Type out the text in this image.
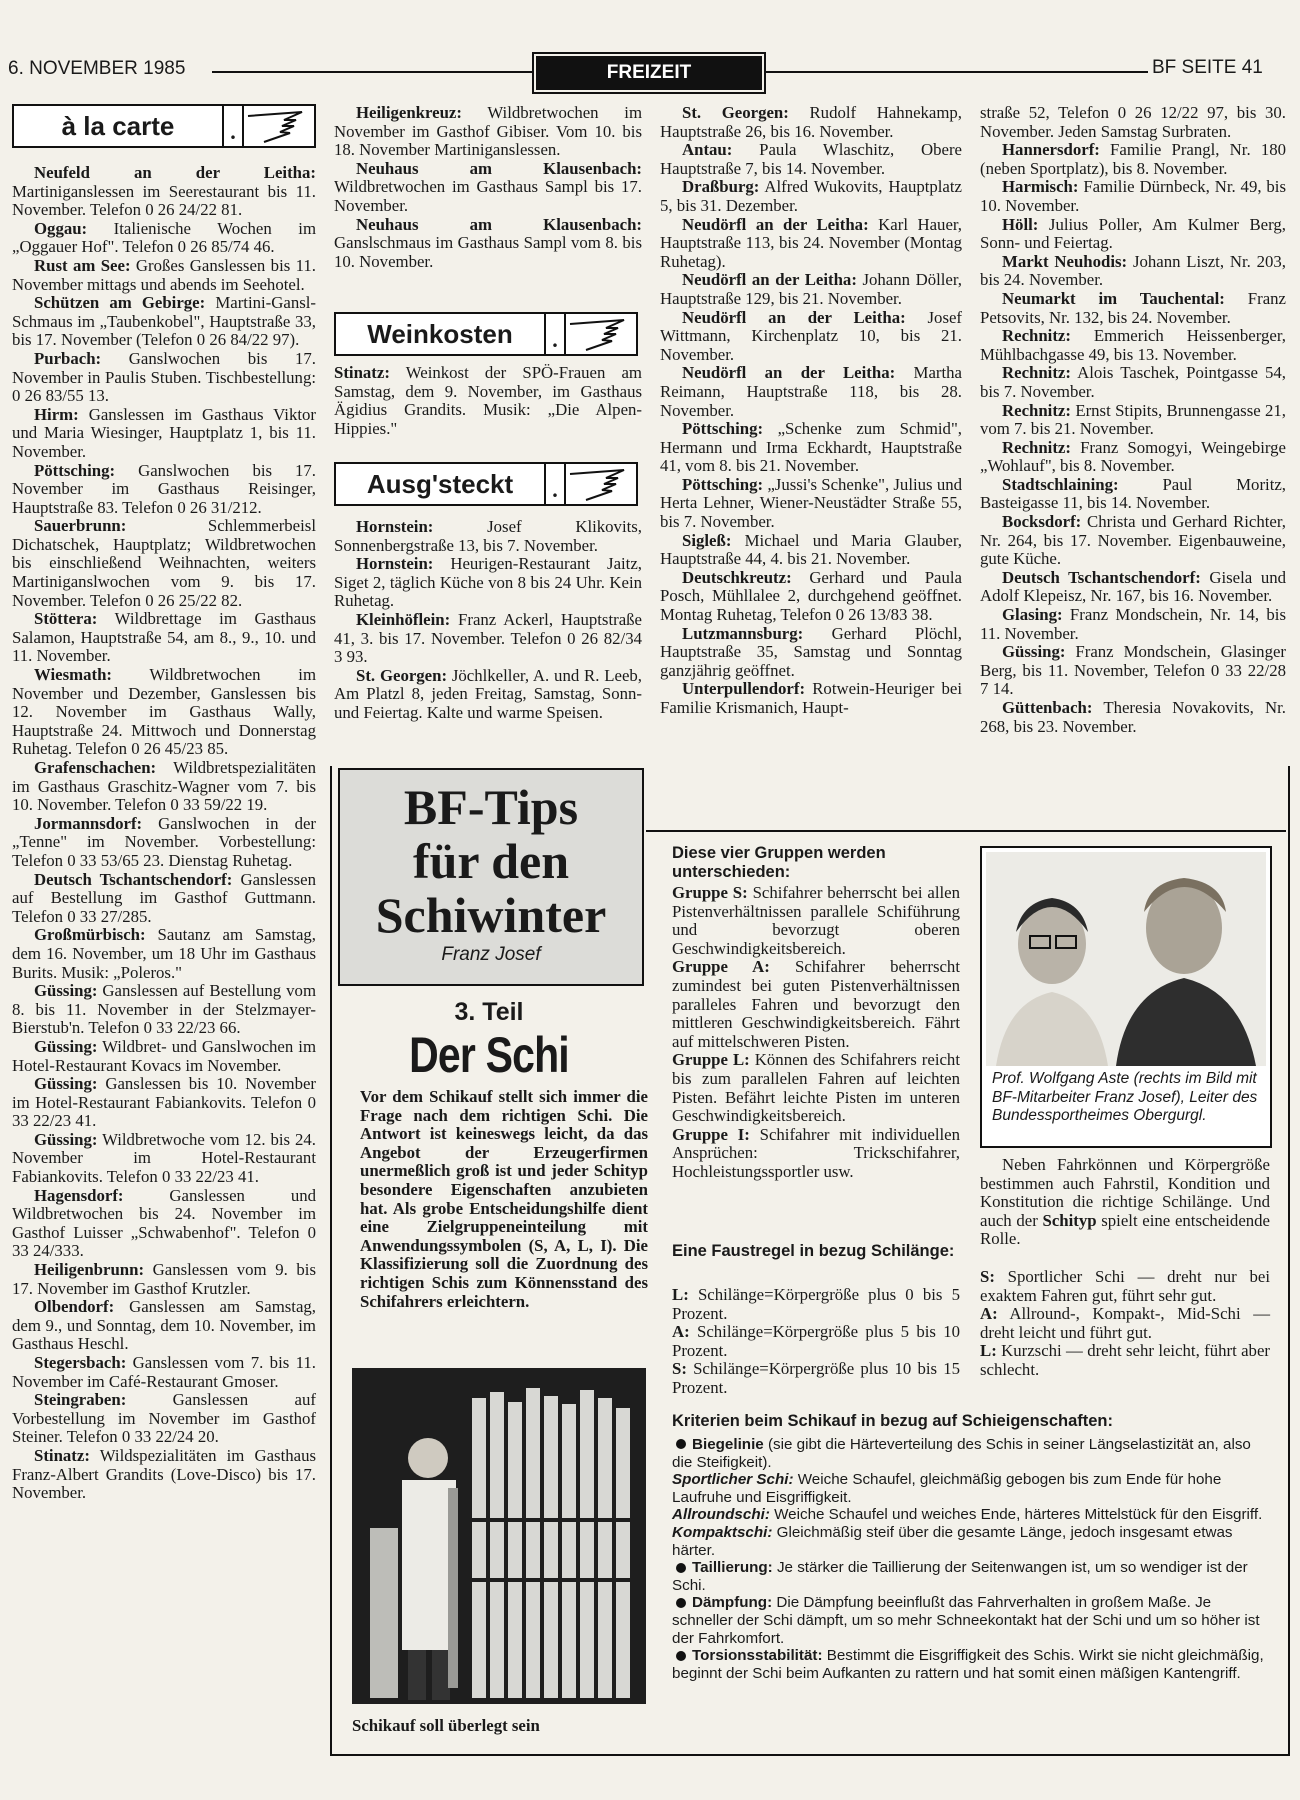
6. NOVEMBER 1985	FREIZEIT	BF SEITE 41
à la carte	.

Neufeld an der Leitha: Martiniganslessen im Seerestaurant bis 11. November. Telefon 0 26 24/22 81.

Oggau: Italienische Wochen im „Oggauer Hof". Telefon 0 26 85/74 46.

Rust am See: Großes Ganslessen bis 11. November mittags und abends im Seehotel.

Schützen am Gebirge: Martini-Gansl-Schmaus im „Taubenkobel", Hauptstraße 33, bis 17. November (Telefon 0 26 84/22 97).

Purbach: Ganslwochen bis 17. November in Paulis Stuben. Tischbestellung: 0 26 83/55 13.

Hirm: Ganslessen im Gasthaus Viktor und Maria Wiesinger, Hauptplatz 1, bis 11. November.

Pöttsching: Ganslwochen bis 17. November im Gasthaus Reisinger, Hauptstraße 83. Telefon 0 26 31/212.

Sauerbrunn: Schlemmerbeisl Dichatschek, Hauptplatz; Wildbretwochen bis einschließend Weihnachten, weiters Martiniganslwochen vom 9. bis 17. November. Telefon 0 26 25/22 82.

Stöttera: Wildbrettage im Gasthaus Salamon, Hauptstraße 54, am 8., 9., 10. und 11. November.

Wiesmath: Wildbretwochen im November und Dezember, Ganslessen bis 12. November im Gasthaus Wally, Hauptstraße 24. Mittwoch und Donnerstag Ruhetag. Telefon 0 26 45/23 85.

Grafenschachen: Wildbretspezialitäten im Gasthaus Graschitz-Wagner vom 7. bis 10. November. Telefon 0 33 59/22 19.

Jormannsdorf: Ganslwochen in der „Tenne" im November. Vorbestellung: Telefon 0 33 53/65 23. Dienstag Ruhetag.

Deutsch Tschantschendorf: Ganslessen auf Bestellung im Gasthof Guttmann. Telefon 0 33 27/285.

Großmürbisch: Sautanz am Samstag, dem 16. November, um 18 Uhr im Gasthaus Burits. Musik: „Poleros."

Güssing: Ganslessen auf Bestellung vom 8. bis 11. November in der Stelzmayer-Bierstub'n. Telefon 0 33 22/23 66.

Güssing: Wildbret- und Ganslwochen im Hotel-Restaurant Kovacs im November.

Güssing: Ganslessen bis 10. November im Hotel-Restaurant Fabiankovits. Telefon 0 33 22/23 41.

Güssing: Wildbretwoche vom 12. bis 24. November im Hotel-Restaurant Fabiankovits. Telefon 0 33 22/23 41.

Hagensdorf: Ganslessen und Wildbretwochen bis 24. November im Gasthof Luisser „Schwabenhof". Telefon 0 33 24/333.

Heiligenbrunn: Ganslessen vom 9. bis 17. November im Gasthof Krutzler.

Olbendorf: Ganslessen am Samstag, dem 9., und Sonntag, dem 10. November, im Gasthaus Heschl.

Stegersbach: Ganslessen vom 7. bis 11. November im Café-Restaurant Gmoser.

Steingraben: Ganslessen auf Vorbestellung im November im Gasthof Steiner. Telefon 0 33 22/24 20.

Stinatz: Wildspezialitäten im Gasthaus Franz-Albert Grandits (Love-Disco) bis 17. November.

Heiligenkreuz: Wildbretwochen im November im Gasthof Gibiser. Vom 10. bis 18. November Martiniganslessen.

Neuhaus am Klausenbach: Wildbretwochen im Gasthaus Sampl bis 17. November.

Neuhaus am Klausenbach: Ganslschmaus im Gasthaus Sampl vom 8. bis 10. November.

Weinkosten	.

Stinatz: Weinkost der SPÖ-Frauen am Samstag, dem 9. November, im Gasthaus Ägidius Grandits. Musik: „Die Alpen-Hippies."

Ausg'steckt	.

Hornstein: Josef Klikovits, Sonnenbergstraße 13, bis 7. November.

Hornstein: Heurigen-Restaurant Jaitz, Siget 2, täglich Küche von 8 bis 24 Uhr. Kein Ruhetag.

Kleinhöflein: Franz Ackerl, Hauptstraße 41, 3. bis 17. November. Telefon 0 26 82/34 3 93.

St. Georgen: Jöchlkeller, A. und R. Leeb, Am Platzl 8, jeden Freitag, Samstag, Sonn- und Feiertag. Kalte und warme Speisen.

St. Georgen: Rudolf Hahnekamp, Hauptstraße 26, bis 16. November.

Antau: Paula Wlaschitz, Obere Hauptstraße 7, bis 14. November.

Draßburg: Alfred Wukovits, Hauptplatz 5, bis 31. Dezember.

Neudörfl an der Leitha: Karl Hauer, Hauptstraße 113, bis 24. November (Montag Ruhetag).

Neudörfl an der Leitha: Johann Döller, Hauptstraße 129, bis 21. November.

Neudörfl an der Leitha: Josef Wittmann, Kirchenplatz 10, bis 21. November.

Neudörfl an der Leitha: Martha Reimann, Hauptstraße 118, bis 28. November.

Pöttsching: „Schenke zum Schmid", Hermann und Irma Eckhardt, Hauptstraße 41, vom 8. bis 21. November.

Pöttsching: „Jussi's Schenke", Julius und Herta Lehner, Wiener-Neustädter Straße 55, bis 7. November.

Sigleß: Michael und Maria Glauber, Hauptstraße 44, 4. bis 21. November.

Deutschkreutz: Gerhard und Paula Posch, Mühllalee 2, durchgehend geöffnet. Montag Ruhetag, Telefon 0 26 13/83 38.

Lutzmannsburg: Gerhard Plöchl, Hauptstraße 35, Samstag und Sonntag ganzjährig geöffnet.

Unterpullendorf: Rotwein-Heuriger bei Familie Krismanich, Haupt-

straße 52, Telefon 0 26 12/22 97, bis 30. November. Jeden Samstag Surbraten.

Hannersdorf: Familie Prangl, Nr. 180 (neben Sportplatz), bis 8. November.

Harmisch: Familie Dürnbeck, Nr. 49, bis 10. November.

Höll: Julius Poller, Am Kulmer Berg, Sonn- und Feiertag.

Markt Neuhodis: Johann Liszt, Nr. 203, bis 24. November.

Neumarkt im Tauchental: Franz Petsovits, Nr. 132, bis 24. November.

Rechnitz: Emmerich Heissenberger, Mühlbachgasse 49, bis 13. November.

Rechnitz: Alois Taschek, Pointgasse 54, bis 7. November.

Rechnitz: Ernst Stipits, Brunnengasse 21, vom 7. bis 21. November.

Rechnitz: Franz Somogyi, Weingebirge „Wohlauf", bis 8. November.

Stadtschlaining: Paul Moritz, Basteigasse 11, bis 14. November.

Bocksdorf: Christa und Gerhard Richter, Nr. 264, bis 17. November. Eigenbauweine, gute Küche.

Deutsch Tschantschendorf: Gisela und Adolf Klepeisz, Nr. 167, bis 16. November.

Glasing: Franz Mondschein, Nr. 14, bis 11. November.

Güssing: Franz Mondschein, Glasinger Berg, bis 11. November, Telefon 0 33 22/28 7 14.

Güttenbach: Theresia Novakovits, Nr. 268, bis 23. November.

BF-Tips
für den
Schiwinter
Franz Josef
3. Teil
Der Schi
Vor dem Schikauf stellt sich immer die Frage nach dem richtigen Schi. Die Antwort ist keineswegs leicht, da das Angebot der Erzeugerfirmen unermeßlich groß ist und jeder Schityp besondere Eigenschaften anzubieten hat. Als grobe Entscheidungshilfe dient eine Zielgruppeneinteilung mit Anwendungssymbolen (S, A, L, I). Die Klassifizierung soll die Zuordnung des richtigen Schis zum Könnensstand des Schifahrers erleichtern.
Schikauf soll überlegt sein
Diese vier Gruppen werden unterschieden:

Gruppe S: Schifahrer beherrscht bei allen Pistenverhältnissen parallele Schiführung und bevorzugt oberen Geschwindigkeitsbereich.

Gruppe A: Schifahrer beherrscht zumindest bei guten Pistenverhältnissen paralleles Fahren und bevorzugt den mittleren Geschwindigkeitsbereich. Fährt auf mittelschweren Pisten.

Gruppe L: Können des Schifahrers reicht bis zum parallelen Fahren auf leichten Pisten. Befährt leichte Pisten im unteren Geschwindigkeitsbereich.

Gruppe I: Schifahrer mit individuellen Ansprüchen: Trickschifahrer, Hochleistungssportler usw.

Eine Faustregel in bezug Schilänge:

L: Schilänge=Körpergröße plus 0 bis 5 Prozent.

A: Schilänge=Körpergröße plus 5 bis 10 Prozent.

S: Schilänge=Körpergröße plus 10 bis 15 Prozent.

Prof. Wolfgang Aste (rechts im Bild mit BF-Mitarbeiter Franz Josef), Leiter des Bundessportheimes Obergurgl.

Neben Fahrkönnen und Körpergröße bestimmen auch Fahrstil, Kondition und Konstitution die richtige Schilänge. Und auch der Schityp spielt eine entscheidende Rolle.

S: Sportlicher Schi — dreht nur bei exaktem Fahren gut, führt sehr gut.

A: Allround-, Kompakt-, Mid-Schi — dreht leicht und führt gut.

L: Kurzschi — dreht sehr leicht, führt aber schlecht.

Kriterien beim Schikauf in bezug auf Schieigenschaften:

Biegelinie (sie gibt die Härteverteilung des Schis in seiner Längselastizität an, also die Steifigkeit).

Sportlicher Schi: Weiche Schaufel, gleichmäßig gebogen bis zum Ende für hohe Laufruhe und Eisgriffigkeit.

Allroundschi: Weiche Schaufel und weiches Ende, härteres Mittelstück für den Eisgriff.

Kompaktschi: Gleichmäßig steif über die gesamte Länge, jedoch insgesamt etwas härter.

Taillierung: Je stärker die Taillierung der Seitenwangen ist, um so wendiger ist der Schi.

Dämpfung: Die Dämpfung beeinflußt das Fahrverhalten in großem Maße. Je schneller der Schi dämpft, um so mehr Schneekontakt hat der Schi und um so höher ist der Fahrkomfort.

Torsionsstabilität: Bestimmt die Eisgriffigkeit des Schis. Wirkt sie nicht gleichmäßig, beginnt der Schi beim Aufkanten zu rattern und hat somit einen mäßigen Kantengriff.
